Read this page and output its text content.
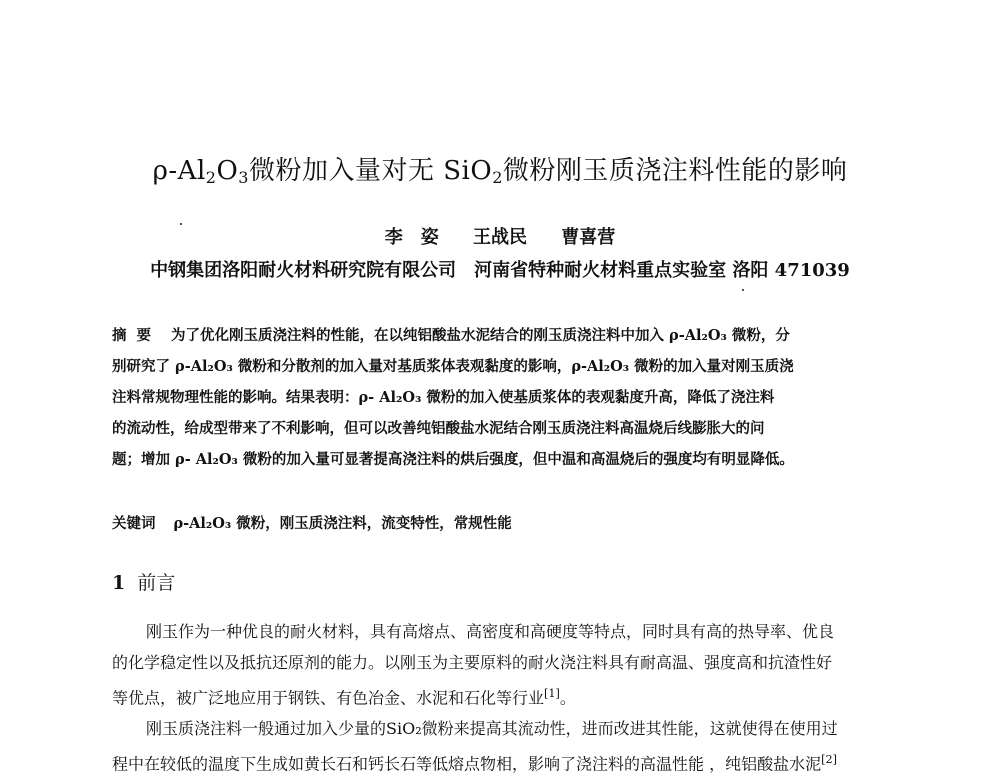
$\rho-Al_2O_3$微粉加入量对无 SiO$_2$微粉刚玉质浇注料性能的影响
李　姿 王战民 曹喜营
中钢集团洛阳耐火材料研究院有限公司　河南省特种耐火材料重点实验室 洛阳 471039
摘要 为了优化刚玉质浇注料的性能，在以纯铝酸盐水泥结合的刚玉质浇注料中加入 ρ-Al₂O₃ 微粉，分
别研究了 ρ-Al₂O₃ 微粉和分散剂的加入量对基质浆体表观黏度的影响，ρ-Al₂O₃ 微粉的加入量对刚玉质浇
注料常规物理性能的影响。结果表明：ρ- Al₂O₃ 微粉的加入使基质浆体的表观黏度升高，降低了浇注料
的流动性，给成型带来了不利影响，但可以改善纯铝酸盐水泥结合刚玉质浇注料高温烧后线膨胀大的问
题；增加 ρ- Al₂O₃ 微粉的加入量可显著提高浇注料的烘后强度，但中温和高温烧后的强度均有明显降低。
关键词 ρ-Al₂O₃ 微粉，刚玉质浇注料，流变特性，常规性能
1 前言
刚玉作为一种优良的耐火材料，具有高熔点、高密度和高硬度等特点，同时具有高的热导率、优良
的化学稳定性以及抵抗还原剂的能力。以刚玉为主要原料的耐火浇注料具有耐高温、强度高和抗渣性好
等优点，被广泛地应用于钢铁、有色冶金、水泥和石化等行业[1]。
刚玉质浇注料一般通过加入少量的SiO₂微粉来提高其流动性，进而改进其性能，这就使得在使用过
程中在较低的温度下生成如黄长石和钙长石等低熔点物相，影响了浇注料的高温性能 ，纯铝酸盐水泥[2]
